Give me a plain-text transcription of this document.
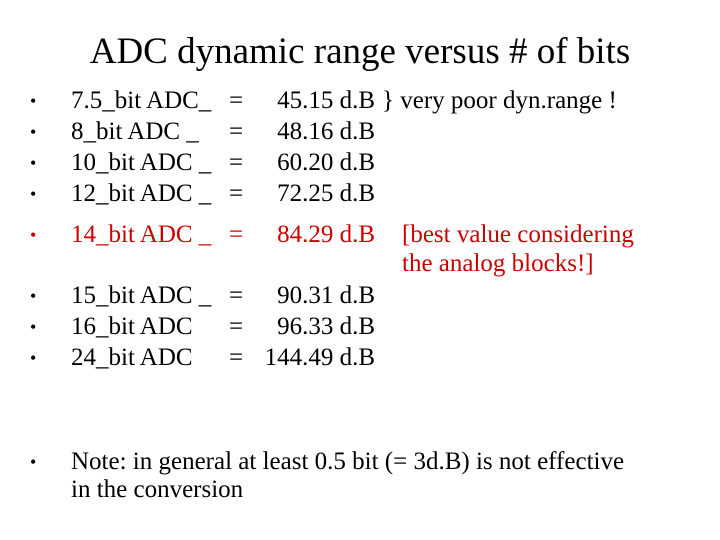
ADC dynamic range versus # of bits
• 7.5_bit ADC_ =	45.15 d.B } very poor dyn.range !
• 8_bit ADC _ =	48.16 d.B
• 10_bit ADC _ =	60.20 d.B
• 12_bit ADC _ =	72.25 d.B
• 14_bit ADC _ =	84.29 d.B [best value considering
the analog blocks!]
• 15_bit ADC _ =	90.31 d.B
• 16_bit ADC =	96.33 d.B
• 24_bit ADC = 144.49 d.B
• Note: in general at least 0.5 bit (= 3d.B) is not effective in the conversion
